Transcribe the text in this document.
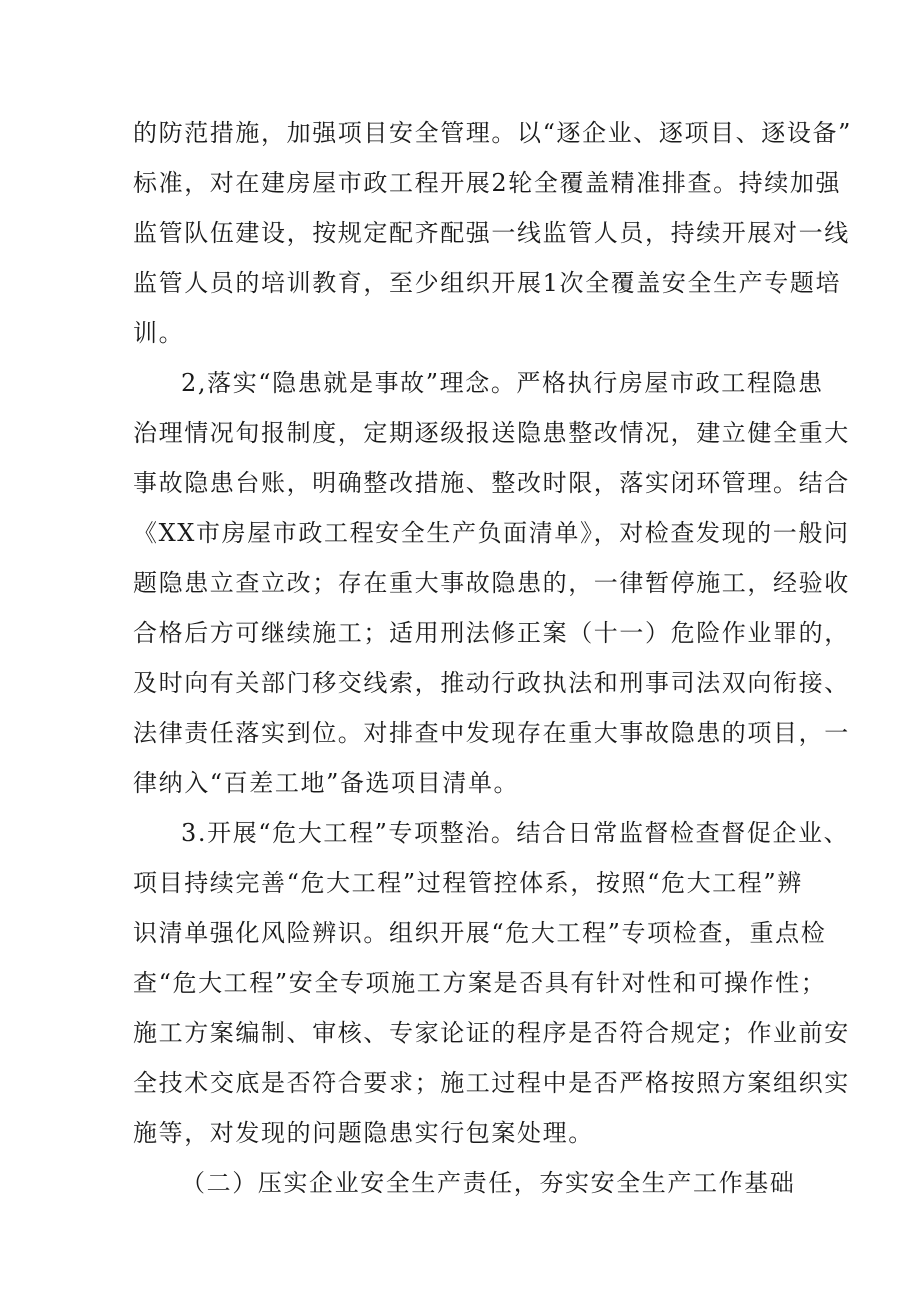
的防范措施，加强项目安全管理。以“逐企业、逐项目、逐设备”
标准，对在建房屋市政工程开展2轮全覆盖精准排查。持续加强
监管队伍建设，按规定配齐配强一线监管人员，持续开展对一线
监管人员的培训教育，至少组织开展1次全覆盖安全生产专题培
训。
2,落实“隐患就是事故”理念。严格执行房屋市政工程隐患
治理情况旬报制度，定期逐级报送隐患整改情况，建立健全重大
事故隐患台账，明确整改措施、整改时限，落实闭环管理。结合
《XX市房屋市政工程安全生产负面清单》，对检查发现的一般问
题隐患立查立改；存在重大事故隐患的，一律暂停施工，经验收
合格后方可继续施工；适用刑法修正案（十一）危险作业罪的，
及时向有关部门移交线索，推动行政执法和刑事司法双向衔接、
法律责任落实到位。对排查中发现存在重大事故隐患的项目，一
律纳入“百差工地”备选项目清单。
3.开展“危大工程”专项整治。结合日常监督检查督促企业、
项目持续完善“危大工程”过程管控体系，按照“危大工程”辨
识清单强化风险辨识。组织开展“危大工程”专项检查，重点检
查“危大工程”安全专项施工方案是否具有针对性和可操作性；
施工方案编制、审核、专家论证的程序是否符合规定；作业前安
全技术交底是否符合要求；施工过程中是否严格按照方案组织实
施等，对发现的问题隐患实行包案处理。
（二）压实企业安全生产责任，夯实安全生产工作基础
